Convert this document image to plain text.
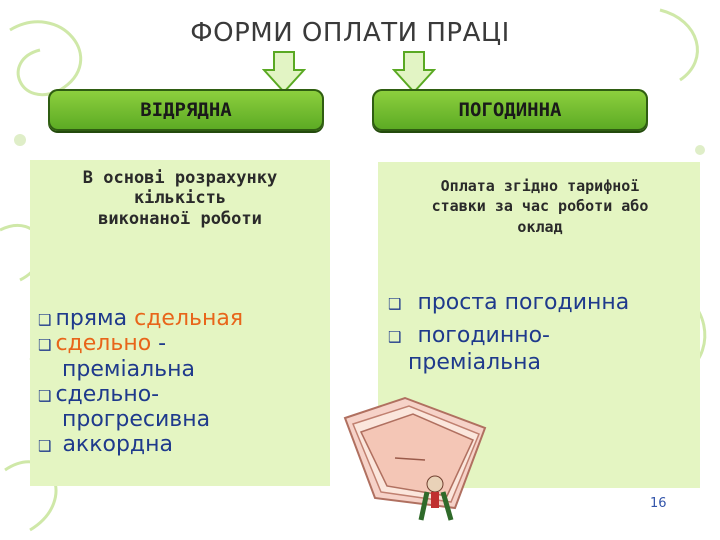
ФОРМИ ОПЛАТИ ПРАЦІ
ВІДРЯДНА	ПОГОДИННА
В основі розрахунку
кількість
виконаної роботи
Оплата згідно тарифної
ставки за час роботи або
оклад
❑ пряма сдельная
❑ сдельно -
преміальна
❑ сдельно-
прогресивна
❑ аккордна
❑ проста погодинна
❑ погодинно-
преміальна
16
